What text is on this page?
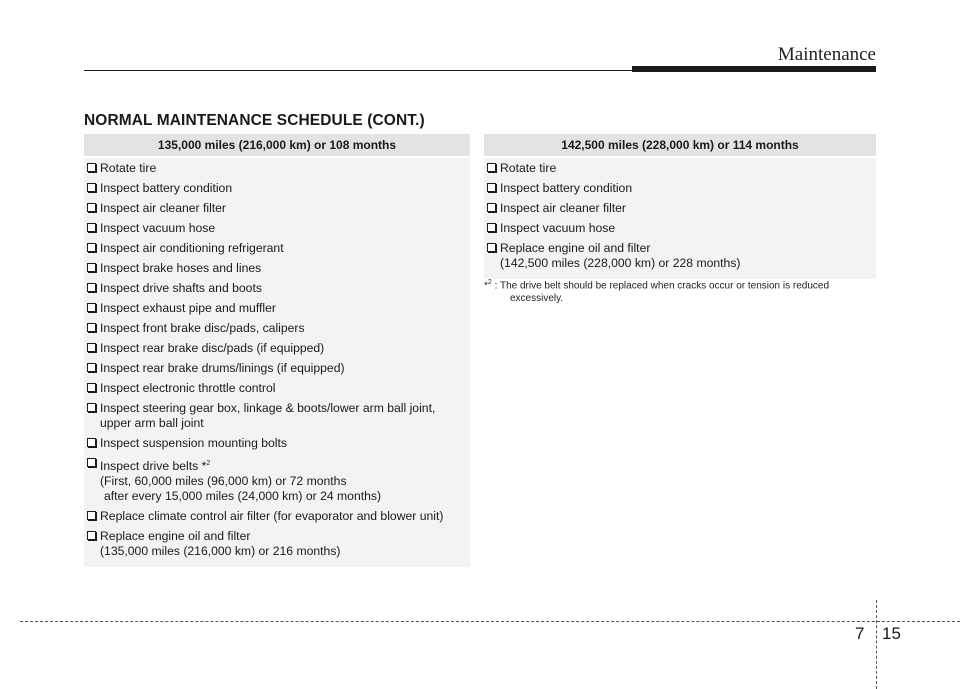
Maintenance
NORMAL MAINTENANCE SCHEDULE (CONT.)
135,000 miles (216,000 km) or 108 months
Rotate tire
Inspect battery condition
Inspect air cleaner filter
Inspect vacuum hose
Inspect air conditioning refrigerant
Inspect brake hoses and lines
Inspect drive shafts and boots
Inspect exhaust pipe and muffler
Inspect front brake disc/pads, calipers
Inspect rear brake disc/pads (if equipped)
Inspect rear brake drums/linings (if equipped)
Inspect electronic throttle control
Inspect steering gear box, linkage & boots/lower arm ball joint,
upper arm ball joint
Inspect suspension mounting bolts
Inspect drive belts *$^2$
(First, 60,000 miles (96,000 km) or 72 months
after every 15,000 miles (24,000 km) or 24 months)
Replace climate control air filter (for evaporator and blower unit)
Replace engine oil and filter
(135,000 miles (216,000 km) or 216 months)
142,500 miles (228,000 km) or 114 months
Rotate tire
Inspect battery condition
Inspect air cleaner filter
Inspect vacuum hose
Replace engine oil and filter
(142,500 miles (228,000 km) or 228 months)
*$^2$ : The drive belt should be replaced when cracks occur or tension is reduced
excessively.
7 15
